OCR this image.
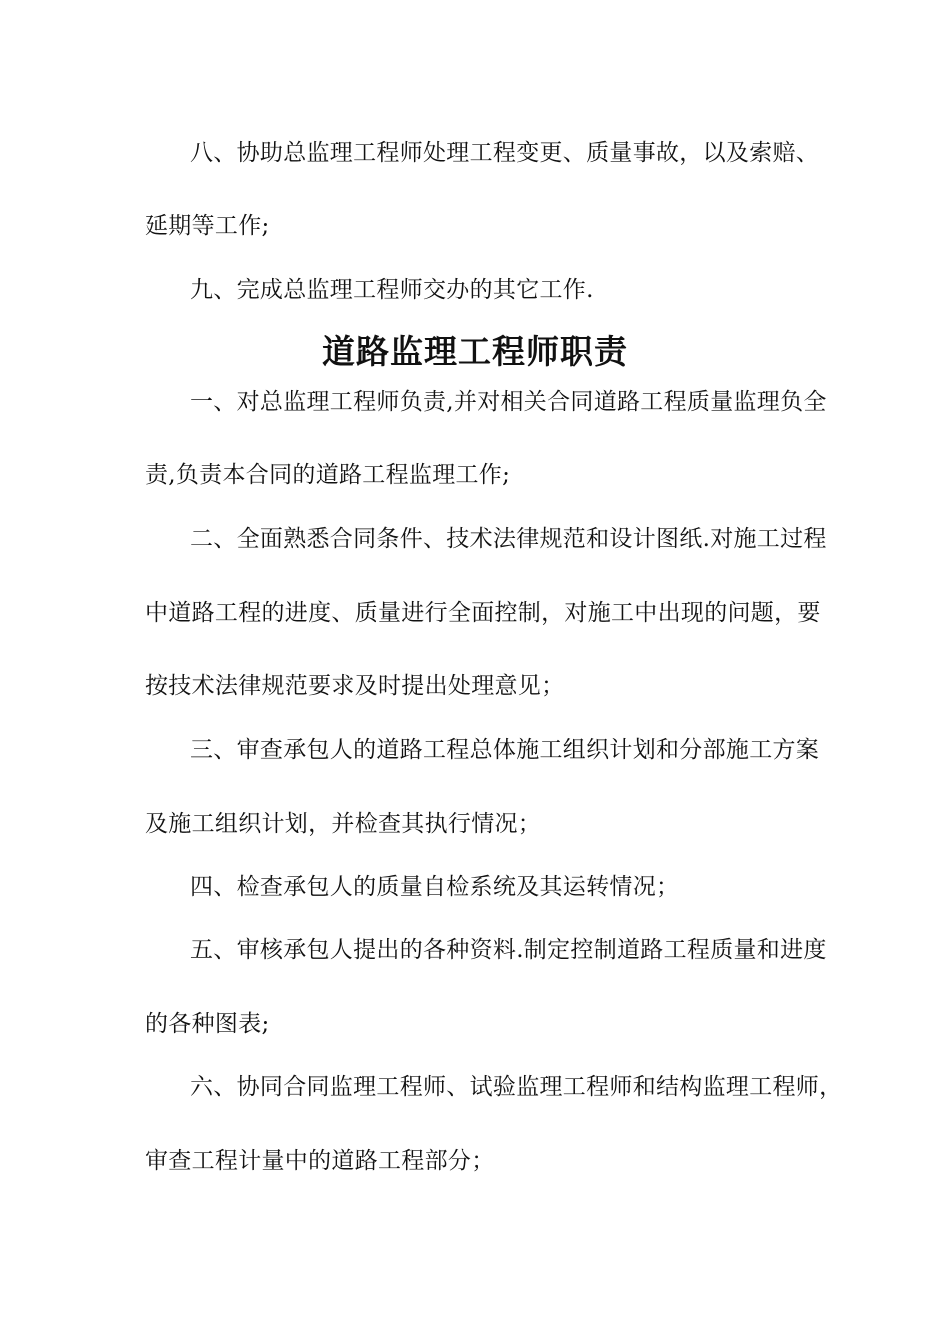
八、协助总监理工程师处理工程变更、质量事故，以及索赔、
延期等工作;
九、完成总监理工程师交办的其它工作.
道路监理工程师职责
一、对总监理工程师负责,并对相关合同道路工程质量监理负全
责,负责本合同的道路工程监理工作;
二、全面熟悉合同条件、技术法律规范和设计图纸.对施工过程
中道路工程的进度、质量进行全面控制，对施工中出现的问题，要
按技术法律规范要求及时提出处理意见；
三、审查承包人的道路工程总体施工组织计划和分部施工方案
及施工组织计划，并检查其执行情况；
四、检查承包人的质量自检系统及其运转情况；
五、审核承包人提出的各种资料.制定控制道路工程质量和进度
的各种图表;
六、协同合同监理工程师、试验监理工程师和结构监理工程师，
审查工程计量中的道路工程部分；
